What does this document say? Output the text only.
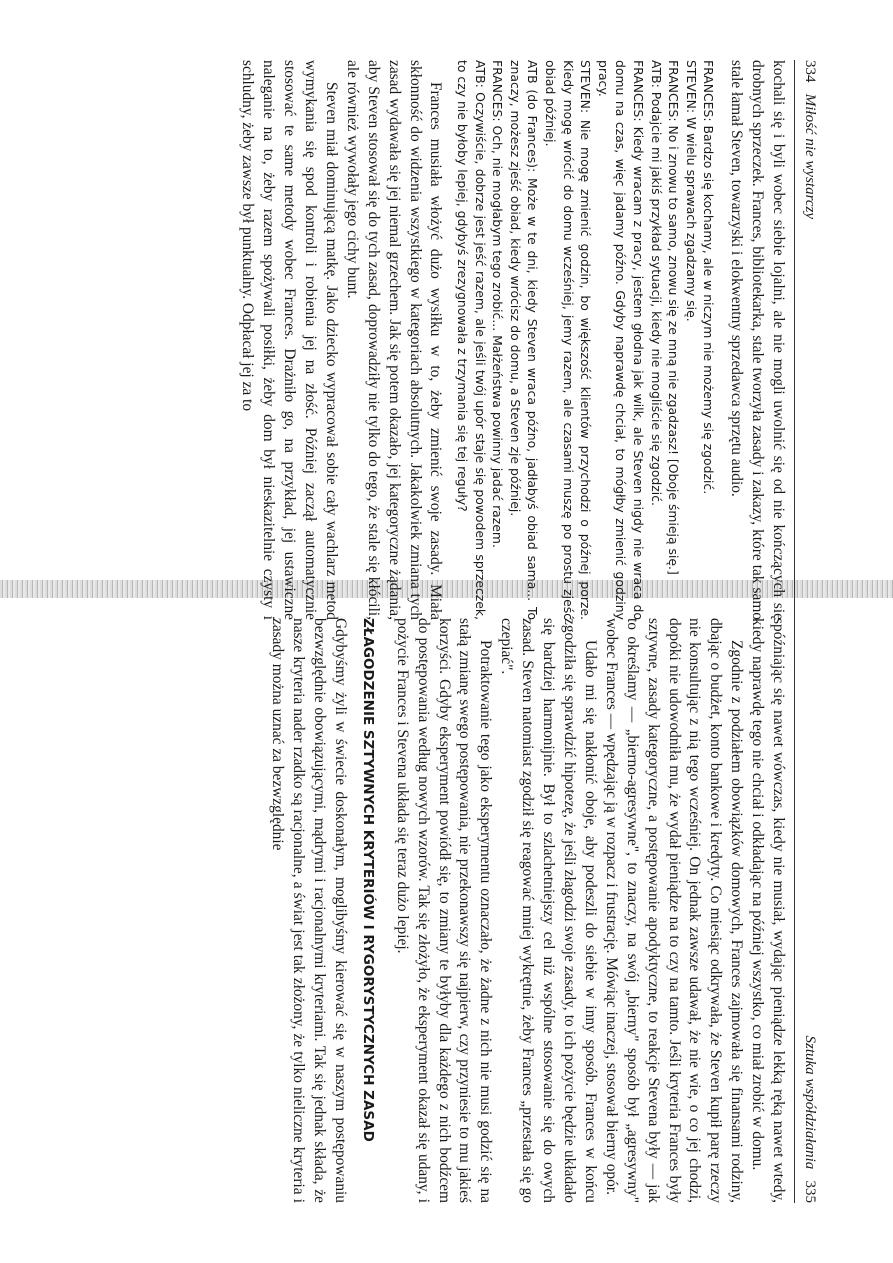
334   Miłość nie wystarczy

kochali się i byli wobec siebie lojalni, ale nie mogli uwolnić się od nie kończących się drobnych sprzeczek. Frances, bibliotekarka, stale tworzyła zasady i zakazy, które tak samo stale łamał Steven, towarzyski i elokwentny sprzedawca sprzętu audio.

FRANCES: Bardzo się kochamy, ale w niczym nie możemy się zgodzić.

STEVEN: W wielu sprawach zgadzamy się.

FRANCES: No i znowu to samo, znowu się ze mną nie zgadzasz! [Oboje śmieją się.]

ATB: Podajcie mi jakiś przykład sytuacji, kiedy nie mogliście się zgodzić.

FRANCES: Kiedy wracam z pracy, jestem głodna jak wilk, ale Steven nigdy nie wraca do domu na czas, więc jadamy późno. Gdyby naprawdę chciał, to mógłby zmienić godziny pracy.

STEVEN: Nie mogę zmienić godzin, bo większość klientów przychodzi o późnej porze. Kiedy mogę wrócić do domu wcześniej, jemy razem, ale czasami muszę po prostu zjeść obiad później.

ATB (do Frances): Może w te dni, kiedy Steven wraca późno, jadłabyś obiad sama... To znaczy, możesz zjeść obiad, kiedy wrócisz do domu, a Steven zje później.

FRANCES: Och, nie mogłabym tego zrobić... Małżeństwa powinny jadać razem.

ATB: Oczywiście, dobrze jest jeść razem, ale jeśli twój upór staje się powodem sprzeczek, to czy nie byłoby lepiej, gdybyś zrezygnowała z trzymania się tej reguły?

Frances musiała włożyć dużo wysiłku w to, żeby zmienić swoje zasady. Miała skłonność do widzenia wszystkiego w kategoriach absolutnych. Jakakolwiek zmiana tych zasad wydawała się jej niemal grzechem. Jak się potem okazało, jej kategoryczne żądania, aby Steven stosował się do tych zasad, doprowadziły nie tylko do tego, że stale się kłócili, ale również wywołały jego cichy bunt.

Steven miał dominującą matkę. Jako dziecko wypracował sobie cały wachlarz metod wymykania się spod kontroli i robienia jej na złość. Później zaczął automatycznie stosować te same metody wobec Frances. Drażniło go, na przykład, jej ustawiczne naleganie na to, żeby razem spożywali posiłki, żeby dom był nieskazitelnie czysty i schludny, żeby zawsze był punktualny. Odpłacał jej za to

Sztuka współdziałania   335

spóźniając się nawet wówczas, kiedy nie musiał, wydając pieniądze lekką ręką nawet wtedy, kiedy naprawdę tego nie chciał i odkładając na później wszystko, co miał zrobić w domu.

Zgodnie z podziałem obowiązków domowych, Frances zajmowała się finansami rodziny, dbając o budżet, konto bankowe i kredyty. Co miesiąc odkrywała, że Steven kupił parę rzeczy nie konsultując z nią tego wcześniej. On jednak zawsze udawał, że nie wie, o co jej chodzi, dopóki nie udowodniła mu, że wydał pieniądze na to czy na tamto. Jeśli kryteria Frances były sztywne, zasady kategoryczne, a postępowanie apodyktyczne, to reakcje Stevena były — jak to określamy — „bierno-agresywne", to znaczy, na swój „bierny" sposób był „agresywny" wobec Frances — wpędzając ją w rozpacz i frustrację. Mówiąc inaczej, stosował bierny opór.

Udało mi się nakłonić oboje, aby podeszli do siebie w inny sposób. Frances w końcu zgodziła się sprawdzić hipotezę, że jeśli złagodzi swoje zasady, to ich pożycie będzie układało się bardziej harmonijnie. Był to szlachetniejszy cel niż wspólne stosowanie się do owych zasad. Steven natomiast zgodził się reagować mniej wykrętnie, żeby Frances „przestała się go czepiać".

Potraktowanie tego jako eksperymentu oznaczało, że żadne z nich nie musi godzić się na stałą zmianę swego postępowania, nie przekonawszy się najpierw, czy przyniesie to mu jakieś korzyści. Gdyby eksperyment powiódł się, to zmiany te byłyby dla każdego z nich bodźcem do postępowania według nowych wzorów. Tak się złożyło, że eksperyment okazał się udany, i pożycie Frances i Stevena układa się teraz dużo lepiej.

ZŁAGODZENIE SZTYWNYCH KRYTERIÓW I RYGORYSTYCZNYCH ZASAD

Gdybyśmy żyli w świecie doskonałym, moglibyśmy kierować się w naszym postępowaniu bezwzględnie obowiązującymi, mądrymi i racjonalnymi kryteriami. Tak się jednak składa, że nasze kryteria nader rzadko są racjonalne, a świat jest tak złożony, że tylko nieliczne kryteria i zasady można uznać za bezwzględnie
